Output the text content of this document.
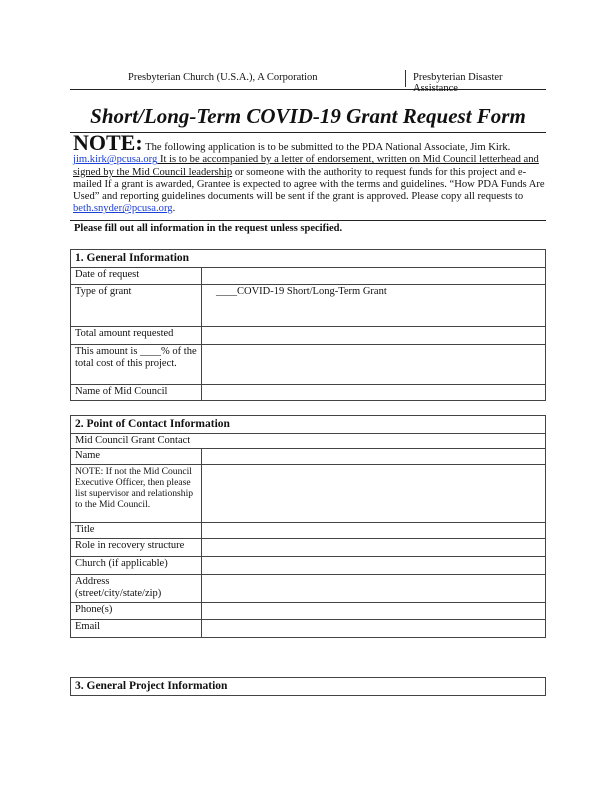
Presbyterian Church (U.S.A.), A Corporation	Presbyterian Disaster Assistance
Short/Long-Term COVID-19 Grant Request Form
NOTE: The following application is to be submitted to the PDA National Associate, Jim Kirk. jim.kirk@pcusa.org It is to be accompanied by a letter of endorsement, written on Mid Council letterhead and signed by the Mid Council leadership or someone with the authority to request funds for this project and e-mailed If a grant is awarded, Grantee is expected to agree with the terms and guidelines. “How PDA Funds Are Used” and reporting guidelines documents will be sent if the grant is approved. Please copy all requests to beth.snyder@pcusa.org.
Please fill out all information in the request unless specified.
1. General Information	
Date of request	
Type of grant	____COVID-19 Short/Long-Term Grant
Total amount requested	
This amount is ____% of the total cost of this project.	
Name of Mid Council	
2. Point of Contact Information	
Mid Council Grant Contact	
Name	
NOTE: If not the Mid Council Executive Officer, then please list supervisor and relationship to the Mid Council.	
Title	
Role in recovery structure	
Church (if applicable)	
Address (street/city/state/zip)	
Phone(s)	
Email	
3. General Project Information
